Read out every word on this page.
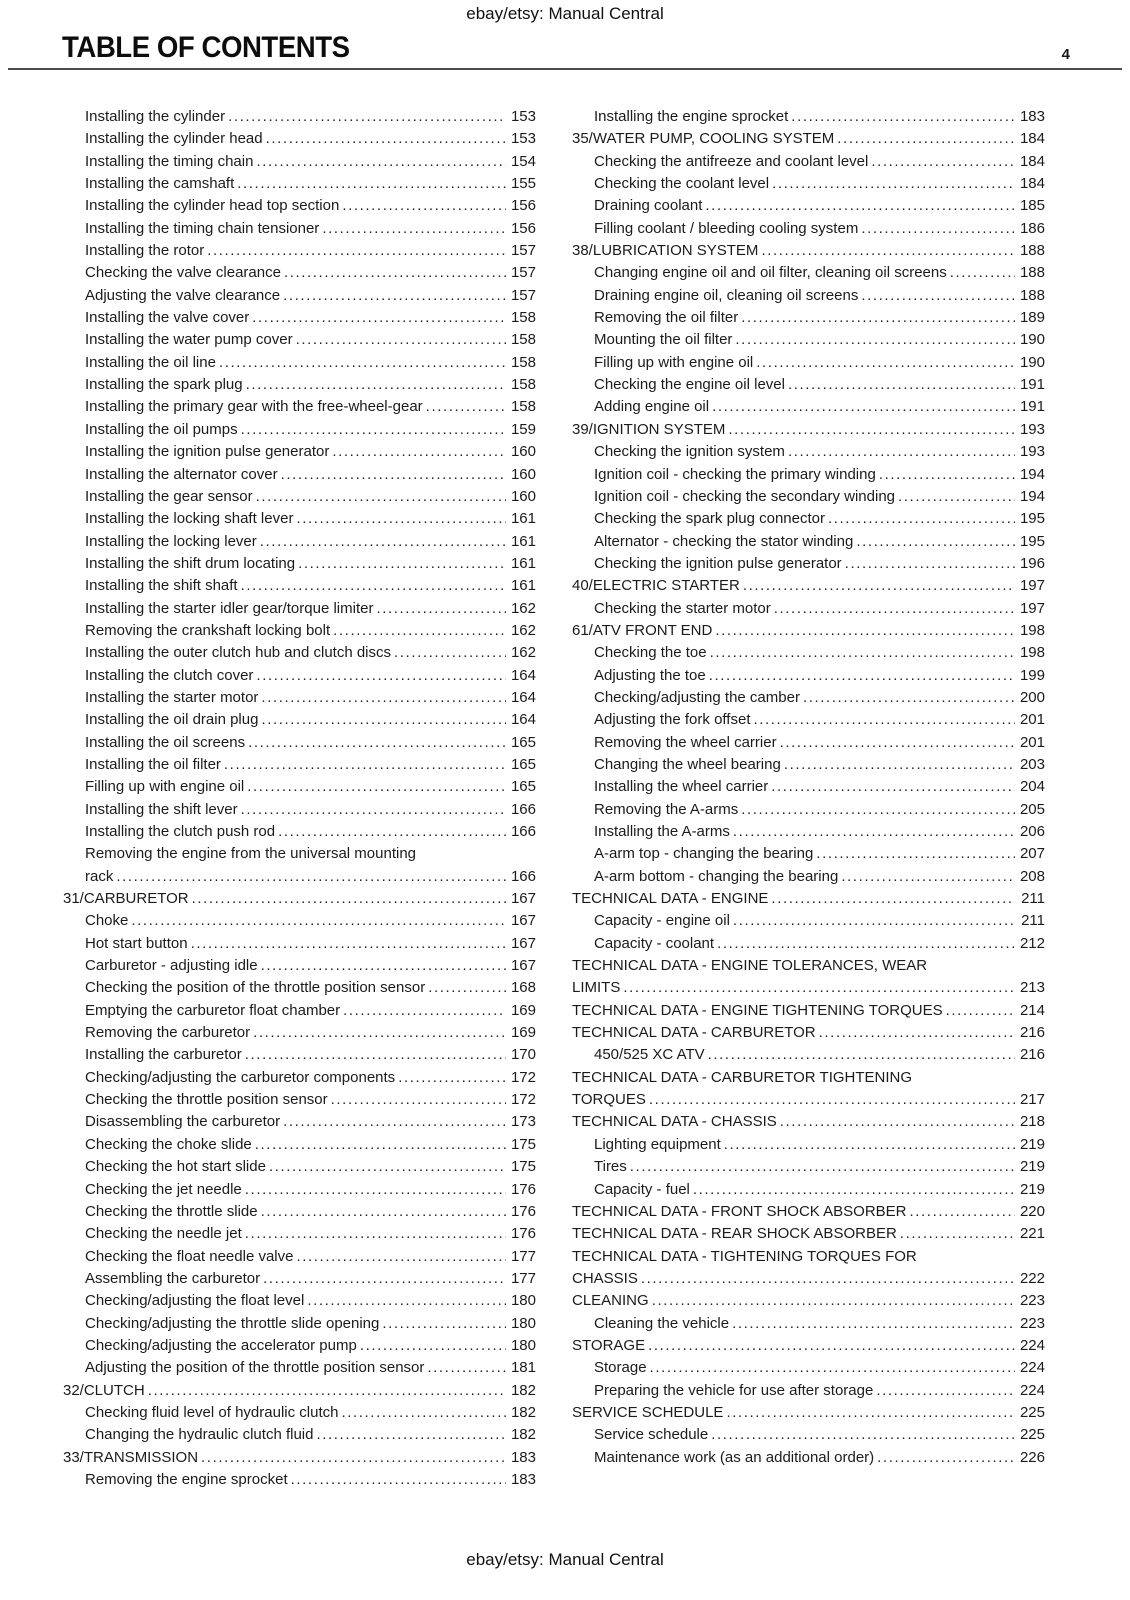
ebay/etsy: Manual Central
TABLE OF CONTENTS	4
Installing the cylinder .....	153
Installing the cylinder head .....	153
Installing the timing chain .....	154
Installing the camshaft .....	155
Installing the cylinder head top section .....	156
Installing the timing chain tensioner .....	156
Installing the rotor .....	157
Checking the valve clearance .....	157
Adjusting the valve clearance .....	157
Installing the valve cover .....	158
Installing the water pump cover .....	158
Installing the oil line .....	158
Installing the spark plug .....	158
Installing the primary gear with the free-wheel-gear .....	158
Installing the oil pumps .....	159
Installing the ignition pulse generator .....	160
Installing the alternator cover .....	160
Installing the gear sensor .....	160
Installing the locking shaft lever .....	161
Installing the locking lever .....	161
Installing the shift drum locating .....	161
Installing the shift shaft .....	161
Installing the starter idler gear/torque limiter .....	162
Removing the crankshaft locking bolt .....	162
Installing the outer clutch hub and clutch discs .....	162
Installing the clutch cover .....	164
Installing the starter motor .....	164
Installing the oil drain plug .....	164
Installing the oil screens .....	165
Installing the oil filter .....	165
Filling up with engine oil .....	165
Installing the shift lever .....	166
Installing the clutch push rod .....	166
Removing the engine from the universal mounting
rack .....	166
31/CARBURETOR .....	167
Choke .....	167
Hot start button .....	167
Carburetor - adjusting idle .....	167
Checking the position of the throttle position sensor .....	168
Emptying the carburetor float chamber .....	169
Removing the carburetor .....	169
Installing the carburetor .....	170
Checking/adjusting the carburetor components .....	172
Checking the throttle position sensor .....	172
Disassembling the carburetor .....	173
Checking the choke slide .....	175
Checking the hot start slide .....	175
Checking the jet needle .....	176
Checking the throttle slide .....	176
Checking the needle jet .....	176
Checking the float needle valve .....	177
Assembling the carburetor .....	177
Checking/adjusting the float level .....	180
Checking/adjusting the throttle slide opening .....	180
Checking/adjusting the accelerator pump .....	180
Adjusting the position of the throttle position sensor .....	181
32/CLUTCH .....	182
Checking fluid level of hydraulic clutch .....	182
Changing the hydraulic clutch fluid .....	182
33/TRANSMISSION .....	183
Removing the engine sprocket .....	183
Installing the engine sprocket .....	183
35/WATER PUMP, COOLING SYSTEM .....	184
Checking the antifreeze and coolant level .....	184
Checking the coolant level .....	184
Draining coolant .....	185
Filling coolant / bleeding cooling system .....	186
38/LUBRICATION SYSTEM .....	188
Changing engine oil and oil filter, cleaning oil screens .....	188
Draining engine oil, cleaning oil screens .....	188
Removing the oil filter .....	189
Mounting the oil filter .....	190
Filling up with engine oil .....	190
Checking the engine oil level .....	191
Adding engine oil .....	191
39/IGNITION SYSTEM .....	193
Checking the ignition system .....	193
Ignition coil - checking the primary winding .....	194
Ignition coil - checking the secondary winding .....	194
Checking the spark plug connector .....	195
Alternator - checking the stator winding .....	195
Checking the ignition pulse generator .....	196
40/ELECTRIC STARTER .....	197
Checking the starter motor .....	197
61/ATV FRONT END .....	198
Checking the toe .....	198
Adjusting the toe .....	199
Checking/adjusting the camber .....	200
Adjusting the fork offset .....	201
Removing the wheel carrier .....	201
Changing the wheel bearing .....	203
Installing the wheel carrier .....	204
Removing the A-arms .....	205
Installing the A-arms .....	206
A-arm top - changing the bearing .....	207
A-arm bottom - changing the bearing .....	208
TECHNICAL DATA - ENGINE .....	211
Capacity - engine oil .....	211
Capacity - coolant .....	212
TECHNICAL DATA - ENGINE TOLERANCES, WEAR
LIMITS .....	213
TECHNICAL DATA - ENGINE TIGHTENING TORQUES .....	214
TECHNICAL DATA - CARBURETOR .....	216
450/525 XC ATV .....	216
TECHNICAL DATA - CARBURETOR TIGHTENING
TORQUES .....	217
TECHNICAL DATA - CHASSIS .....	218
Lighting equipment .....	219
Tires .....	219
Capacity - fuel .....	219
TECHNICAL DATA - FRONT SHOCK ABSORBER .....	220
TECHNICAL DATA - REAR SHOCK ABSORBER .....	221
TECHNICAL DATA - TIGHTENING TORQUES FOR
CHASSIS .....	222
CLEANING .....	223
Cleaning the vehicle .....	223
STORAGE .....	224
Storage .....	224
Preparing the vehicle for use after storage .....	224
SERVICE SCHEDULE .....	225
Service schedule .....	225
Maintenance work (as an additional order) .....	226
ebay/etsy: Manual Central
